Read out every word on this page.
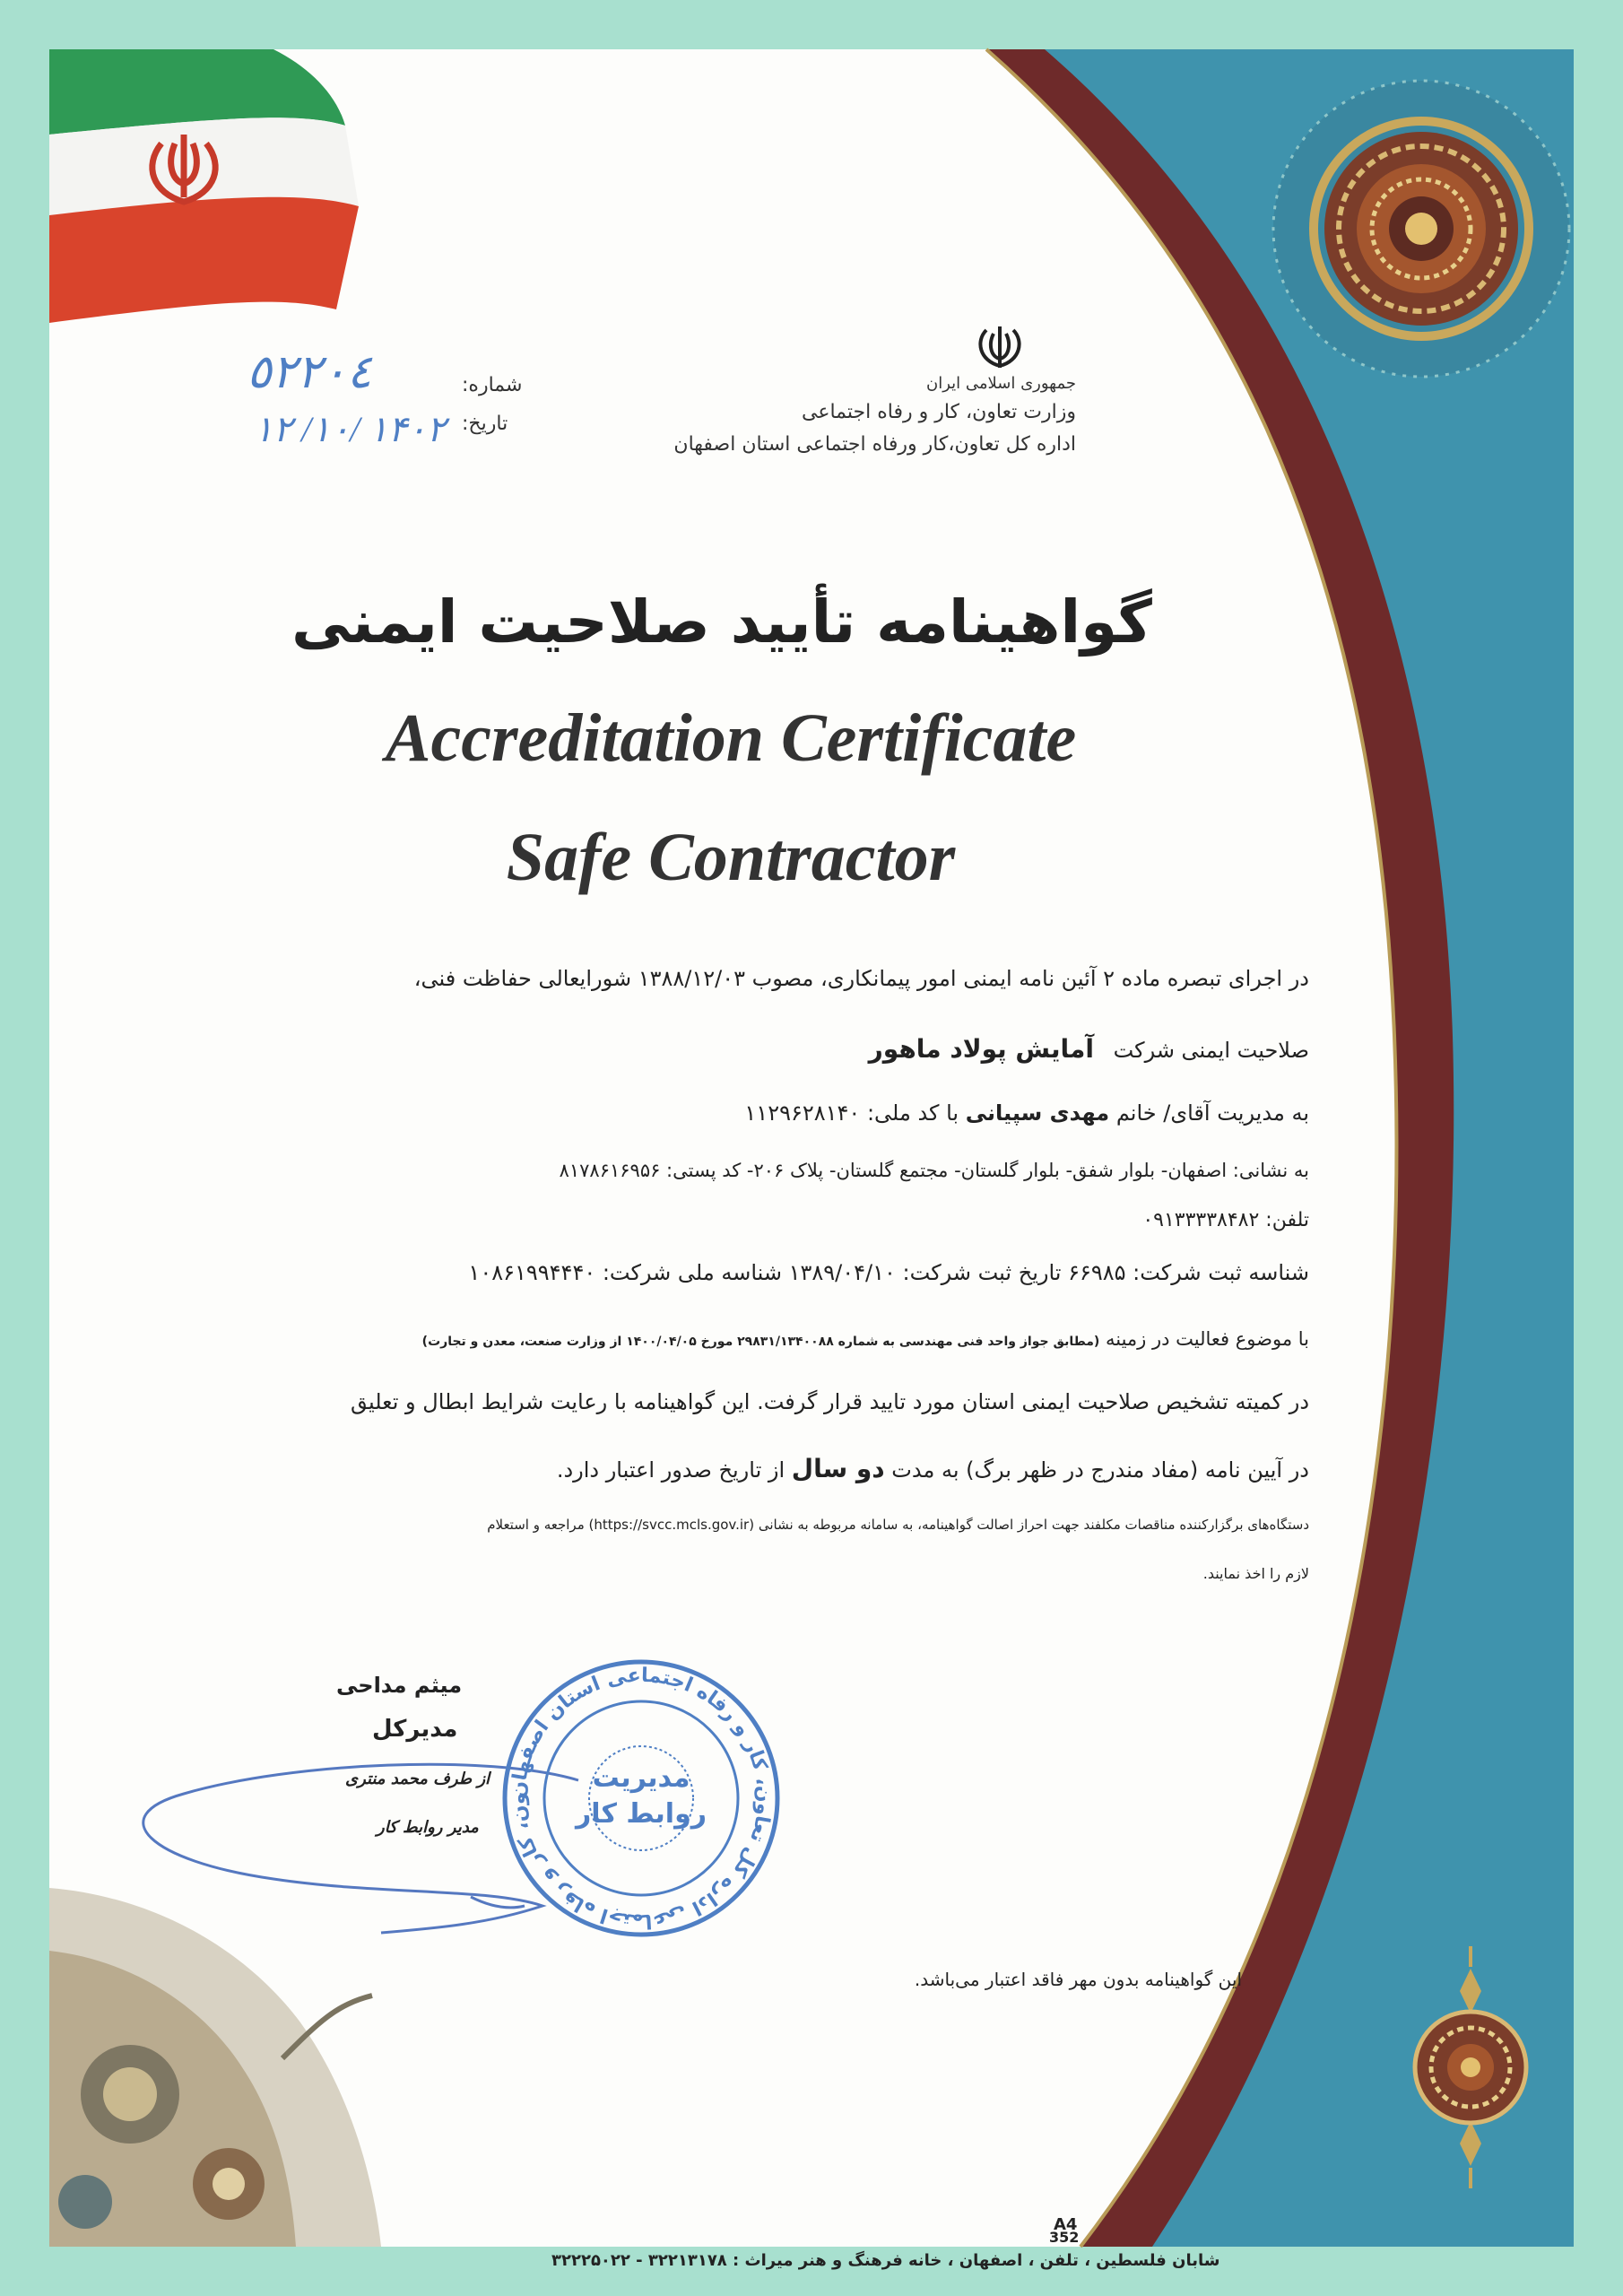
جمهوری اسلامی ایران
وزارت تعاون، کار و رفاه اجتماعی
اداره کل تعاون،کار ورفاه اجتماعی استان اصفهان
شماره:
٥٢٢٠٤
تاریخ:
۱۴۰۲ /۱۰/ ۱۲
گواهینامه تأیید صلاحیت ایمنی
Accreditation Certificate
Safe Contractor
در اجرای تبصره ماده ۲ آئین نامه ایمنی امور پیمانکاری، مصوب ۱۳۸۸/۱۲/۰۳ شورایعالی حفاظت فنی،
صلاحیت ایمنی شرکت آمایش پولاد ماهور
به مدیریت آقای/ خانم مهدی سپیانی با کد ملی: ۱۱۲۹۶۲۸۱۴۰
به نشانی: اصفهان- بلوار شفق- بلوار گلستان- مجتمع گلستان- پلاک ۲۰۶- کد پستی: ۸۱۷۸۶۱۶۹۵۶
تلفن: ۰۹۱۳۳۳۳۸۴۸۲
شناسه ثبت شرکت: ۶۶۹۸۵ تاریخ ثبت شرکت: ۱۳۸۹/۰۴/۱۰ شناسه ملی شرکت: ۱۰۸۶۱۹۹۴۴۴۰
با موضوع فعالیت در زمینه (مطابق جواز واحد فنی مهندسی به شماره ۲۹۸۳۱/۱۳۴۰۰۸۸ مورخ ۱۴۰۰/۰۴/۰۵ از وزارت صنعت، معدن و تجارت)
در کمیته تشخیص صلاحیت ایمنی استان مورد تایید قرار گرفت. این گواهینامه با رعایت شرایط ابطال و تعلیق
در آیین نامه (مفاد مندرج در ظهر برگ) به مدت دو سال از تاریخ صدور اعتبار دارد.
دستگاه‌های برگزارکننده مناقصات مکلفند جهت احراز اصالت گواهینامه، به سامانه مربوطه به نشانی (https://svcc.mcls.gov.ir) مراجعه و استعلام
لازم را اخذ نمایند.
میثم مداحی
مدیرکل
از طرف محمد منتری
مدیر روابط کار
ون، کار و رفاه اجتماعی اداره کل تعاون، کار و رفاه اجتماعی استان اصفهان
مدیریت
روابط کار
این گواهینامه بدون مهر فاقد اعتبار می‌باشد.
۳۲۲۲۵۰۲۲ - ۳۲۲۱۳۱۷۸ : شابان فلسطین ، تلفن ، اصفهان ، خانه فرهنگ و هنر میراث
A4
352
